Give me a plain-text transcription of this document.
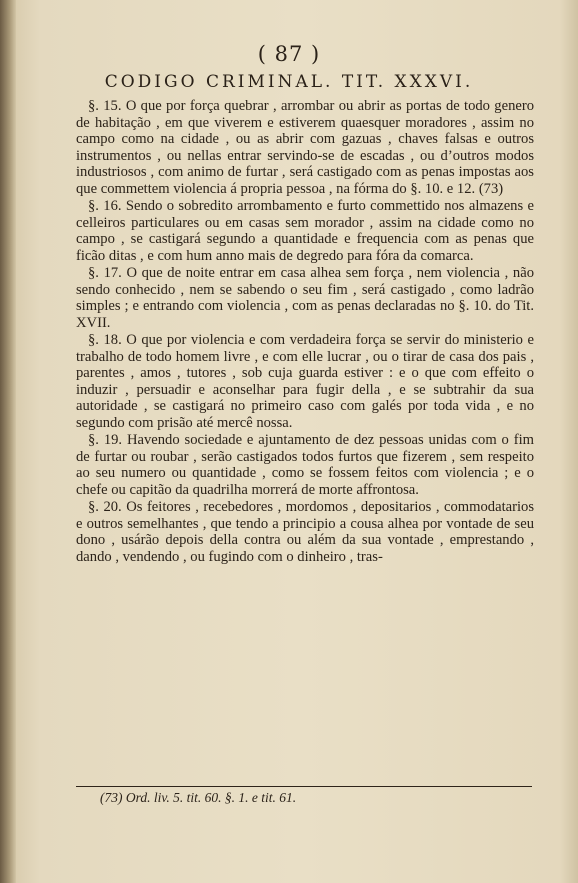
( 87 )
CODIGO CRIMINAL. TIT. XXXVI.

§. 15. O que por força quebrar , arrombar ou abrir as portas de todo genero de habitação , em que viverem e estiverem quaesquer moradores , assim no campo como na cidade , ou as abrir com gazuas , chaves falsas e outros instrumentos , ou nellas entrar servindo-se de escadas , ou d’outros modos industriosos , com animo de furtar , será castigado com as penas impostas aos que commettem violencia á propria pessoa , na fórma do §. 10. e 12. (73)

§. 16. Sendo o sobredito arrombamento e furto commettido nos almazens e celleiros particulares ou em casas sem morador , assim na cidade como no campo , se castigará segundo a quantidade e frequencia com as penas que ficão ditas , e com hum anno mais de degredo para fóra da comarca.

§. 17. O que de noite entrar em casa alhea sem força , nem violencia , não sendo conhecido , nem se sabendo o seu fim , será castigado , como ladrão simples ; e entrando com violencia , com as penas declaradas no §. 10. do Tit. XVII.

§. 18. O que por violencia e com verdadeira força se servir do ministerio e trabalho de todo homem livre , e com elle lucrar , ou o tirar de casa dos pais , parentes , amos , tutores , sob cuja guarda estiver : e o que com effeito o induzir , persuadir e aconselhar para fugir della , e se subtrahir da sua autoridade , se castigará no primeiro caso com galés por toda vida , e no segundo com prisão até mercê nossa.

§. 19. Havendo sociedade e ajuntamento de dez pessoas unidas com o fim de furtar ou roubar , serão castigados todos furtos que fizerem , sem respeito ao seu numero ou quantidade , como se fossem feitos com violencia ; e o chefe ou capitão da quadrilha morrerá de morte affrontosa.

§. 20. Os feitores , recebedores , mordomos , depositarios , commodatarios e outros semelhantes , que tendo a principio a cousa alhea por vontade de seu dono , usárão depois della contra ou além da sua vontade , emprestando , dando , vendendo , ou fugindo com o dinheiro , tras-

(73) Ord. liv. 5. tit. 60. §. 1. e tit. 61.
